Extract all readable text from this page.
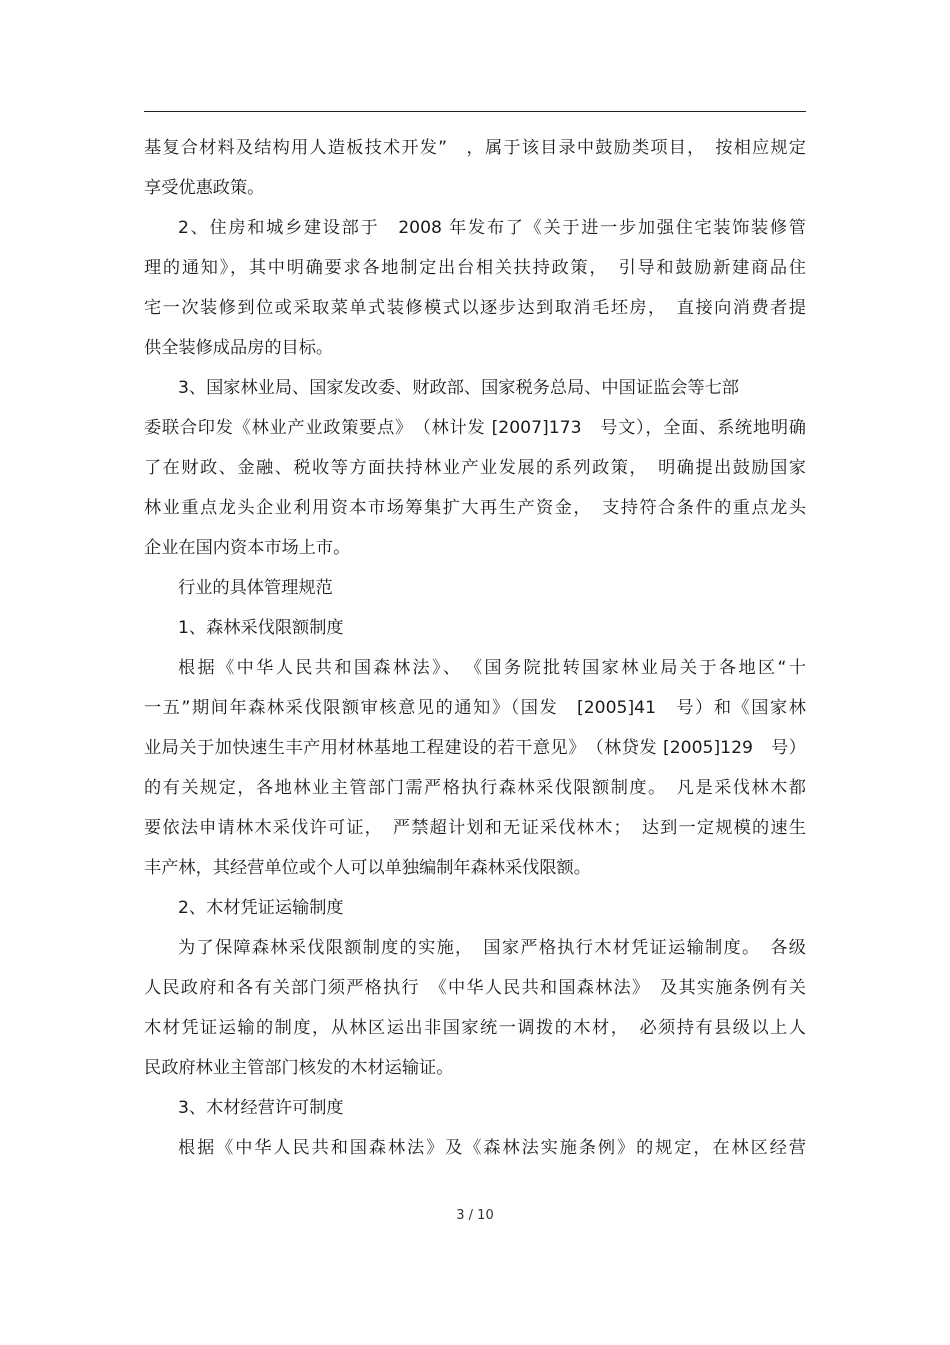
基复合材料及结构用人造板技术开发”　，属于该目录中鼓励类项目，　按相应规定
享受优惠政策。
2、住房和城乡建设部于　2008 年发布了《关于进一步加强住宅装饰装修管
理的通知》，其中明确要求各地制定出台相关扶持政策，　引导和鼓励新建商品住
宅一次装修到位或采取菜单式装修模式以逐步达到取消毛坯房，　直接向消费者提
供全装修成品房的目标。
3、国家林业局、国家发改委、财政部、国家税务总局、中国证监会等七部
委联合印发《林业产业政策要点》　（林计发 [2007]173　号文），全面、系统地明确
了在财政、金融、税收等方面扶持林业产业发展的系列政策，　明确提出鼓励国家
林业重点龙头企业利用资本市场筹集扩大再生产资金，　支持符合条件的重点龙头
企业在国内资本市场上市。
行业的具体管理规范
1、森林采伐限额制度
根据《中华人民共和国森林法》、　《国务院批转国家林业局关于各地区“十
一五”期间年森林采伐限额审核意见的通知》（国发　[2005]41　号）和《国家林
业局关于加快速生丰产用材林基地工程建设的若干意见》　（林贷发 [2005]129　号）
的有关规定，各地林业主管部门需严格执行森林采伐限额制度。　凡是采伐林木都
要依法申请林木采伐许可证，　严禁超计划和无证采伐林木；　达到一定规模的速生
丰产林，其经营单位或个人可以单独编制年森林采伐限额。
2、木材凭证运输制度
为了保障森林采伐限额制度的实施，　国家严格执行木材凭证运输制度。　各级
人民政府和各有关部门须严格执行　《中华人民共和国森林法》　及其实施条例有关
木材凭证运输的制度，从林区运出非国家统一调拨的木材，　必须持有县级以上人
民政府林业主管部门核发的木材运输证。
3、木材经营许可制度
根据《中华人民共和国森林法》及《森林法实施条例》的规定，在林区经营
3 / 10
